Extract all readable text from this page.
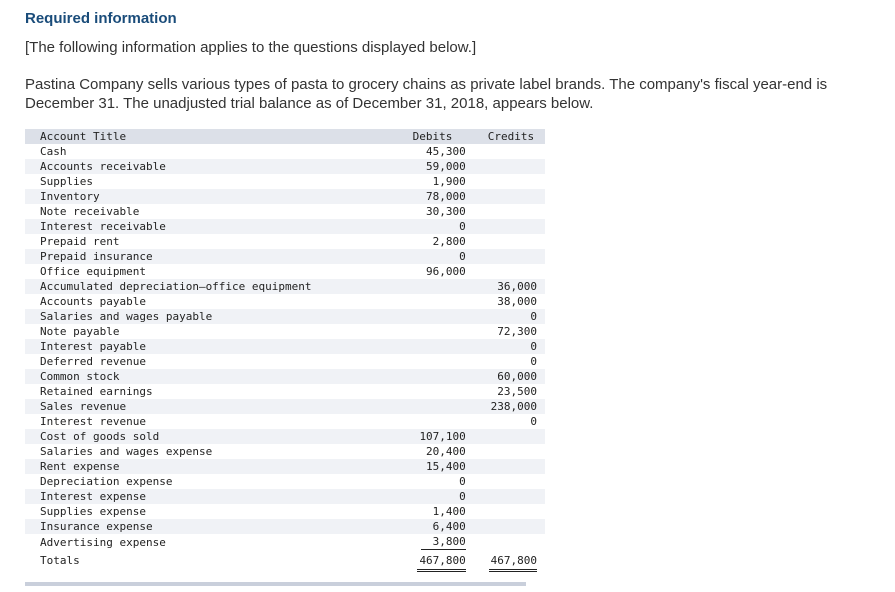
Required information

[The following information applies to the questions displayed below.]

Pastina Company sells various types of pasta to grocery chains as private label brands. The company's fiscal year-end is December 31. The unadjusted trial balance as of December 31, 2018, appears below.

Account Title	Debits	Credits
Cash	45,300	
Accounts receivable	59,000	
Supplies	1,900	
Inventory	78,000	
Note receivable	30,300	
Interest receivable	0	
Prepaid rent	2,800	
Prepaid insurance	0	
Office equipment	96,000	
Accumulated depreciation—office equipment		36,000
Accounts payable		38,000
Salaries and wages payable		0
Note payable		72,300
Interest payable		0
Deferred revenue		0
Common stock		60,000
Retained earnings		23,500
Sales revenue		238,000
Interest revenue		0
Cost of goods sold	107,100	
Salaries and wages expense	20,400	
Rent expense	15,400	
Depreciation expense	0	
Interest expense	0	
Supplies expense	1,400	
Insurance expense	6,400	
Advertising expense	3,800	
Totals	467,800	467,800
